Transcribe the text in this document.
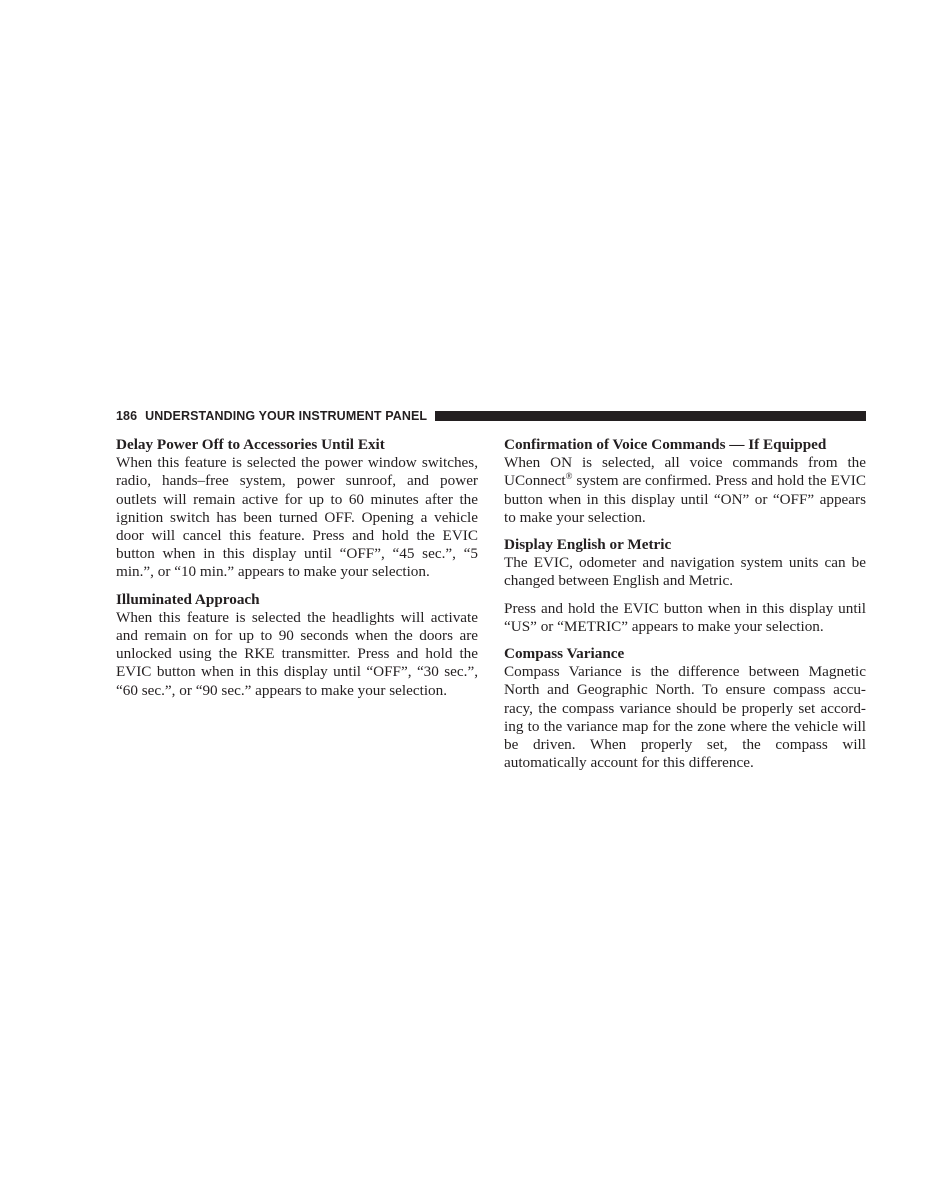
186 UNDERSTANDING YOUR INSTRUMENT PANEL

Delay Power Off to Accessories Until Exit

When this feature is selected the power window switches, radio, hands–free system, power sunroof, and power outlets will remain active for up to 60 minutes after the ignition switch has been turned OFF. Opening a vehicle door will cancel this feature. Press and hold the EVIC button when in this display until “OFF”, “45 sec.”, “5 min.”, or “10 min.” appears to make your selection.

Illuminated Approach

When this feature is selected the headlights will activate and remain on for up to 90 seconds when the doors are unlocked using the RKE transmitter. Press and hold the EVIC button when in this display until “OFF”, “30 sec.”, “60 sec.”, or “90 sec.” appears to make your selection.

Confirmation of Voice Commands — If Equipped

When ON is selected, all voice commands from the UConnect® system are confirmed. Press and hold the EVIC button when in this display until “ON” or “OFF” appears to make your selection.

Display English or Metric

The EVIC, odometer and navigation system units can be changed between English and Metric.

Press and hold the EVIC button when in this display until “US” or “METRIC” appears to make your selection.

Compass Variance

Compass Variance is the difference between Magnetic North and Geographic North. To ensure compass accu-racy, the compass variance should be properly set accord-ing to the variance map for the zone where the vehicle will be driven. When properly set, the compass will automatically account for this difference.
